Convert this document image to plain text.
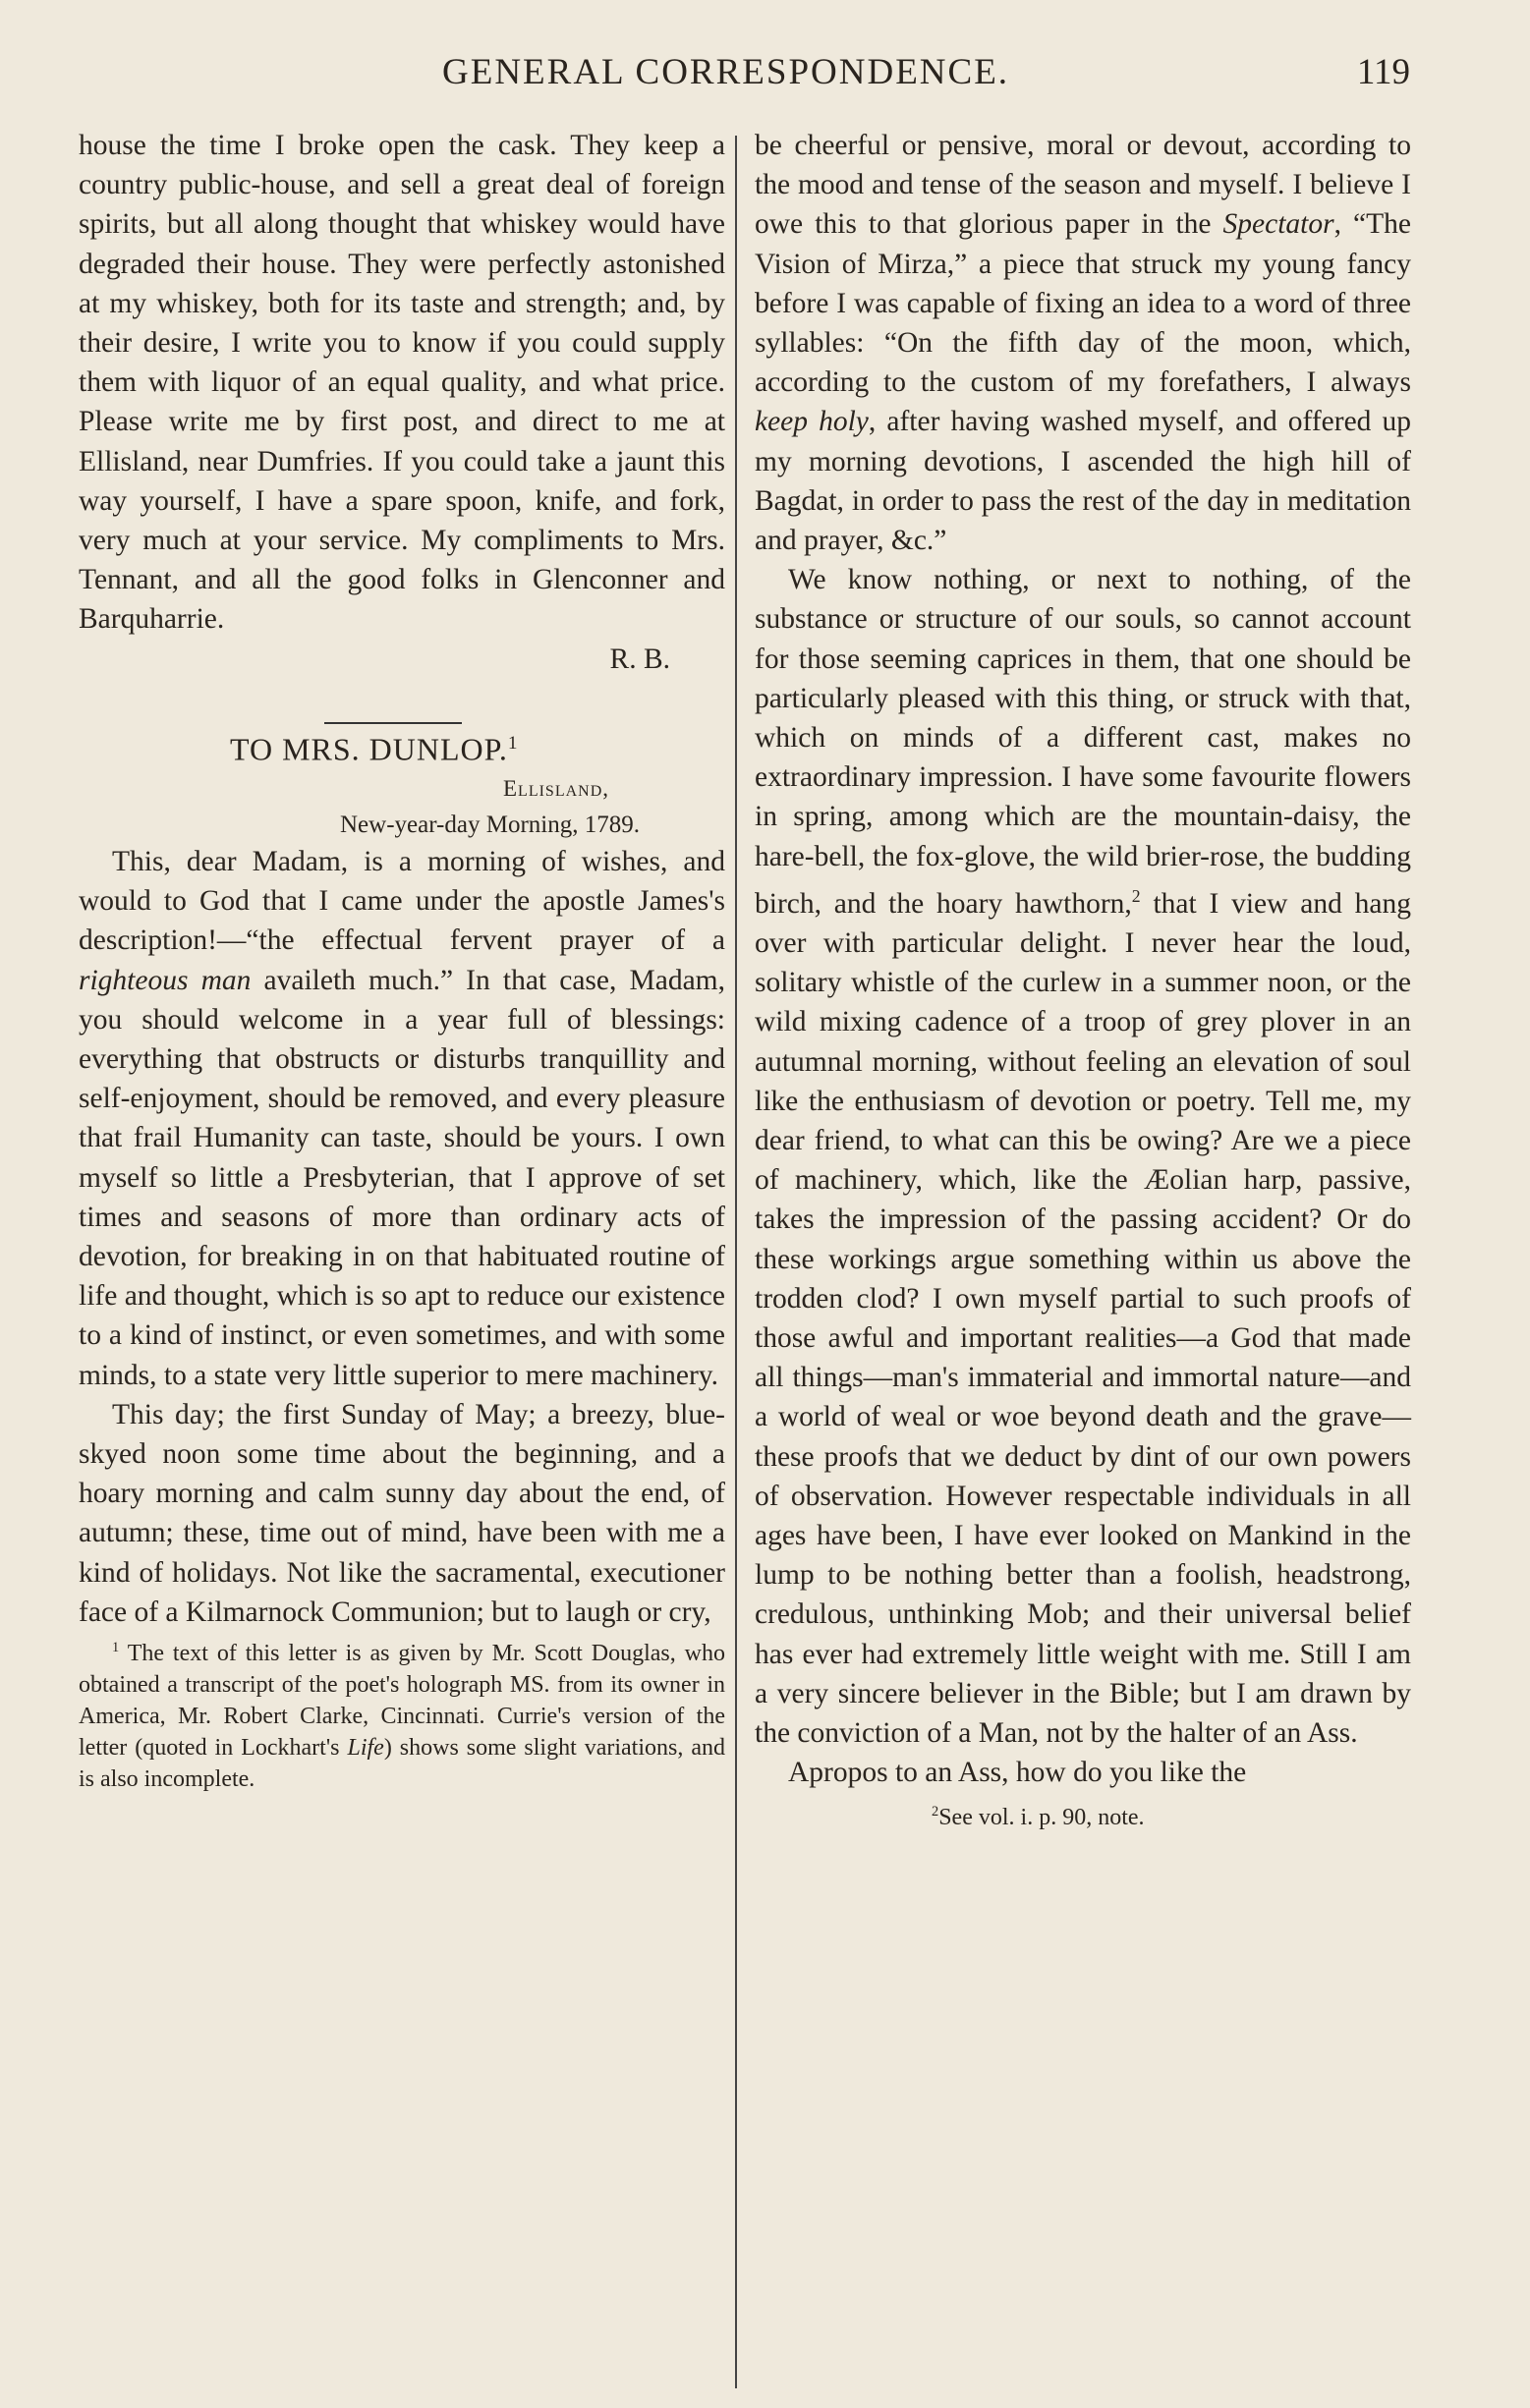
GENERAL CORRESPONDENCE.	119

house the time I broke open the cask. They keep a country public-house, and sell a great deal of foreign spirits, but all along thought that whiskey would have degraded their house. They were perfectly astonished at my whiskey, both for its taste and strength; and, by their desire, I write you to know if you could supply them with liquor of an equal quality, and what price. Please write me by first post, and direct to me at Ellisland, near Dumfries. If you could take a jaunt this way yourself, I have a spare spoon, knife, and fork, very much at your service. My compliments to Mrs. Tennant, and all the good folks in Glenconner and Barquharrie.

R. B.

TO MRS. DUNLOP.$^1$

Ellisland,

New-year-day Morning, 1789.

This, dear Madam, is a morning of wishes, and would to God that I came under the apostle James's description!—“the effectual fervent prayer of a righteous man availeth much.” In that case, Madam, you should welcome in a year full of blessings: everything that obstructs or disturbs tranquillity and self-enjoyment, should be removed, and every pleasure that frail Humanity can taste, should be yours. I own myself so little a Presbyterian, that I approve of set times and seasons of more than ordinary acts of devotion, for breaking in on that habituated routine of life and thought, which is so apt to reduce our existence to a kind of instinct, or even sometimes, and with some minds, to a state very little superior to mere machinery.

This day; the first Sunday of May; a breezy, blue-skyed noon some time about the beginning, and a hoary morning and calm sunny day about the end, of autumn; these, time out of mind, have been with me a kind of holidays. Not like the sacramental, executioner face of a Kilmarnock Communion; but to laugh or cry,

$^1$ The text of this letter is as given by Mr. Scott Douglas, who obtained a transcript of the poet's holograph MS. from its owner in America, Mr. Robert Clarke, Cincinnati. Currie's version of the letter (quoted in Lockhart's Life) shows some slight variations, and is also incomplete.

be cheerful or pensive, moral or devout, according to the mood and tense of the season and myself. I believe I owe this to that glorious paper in the Spectator, “The Vision of Mirza,” a piece that struck my young fancy before I was capable of fixing an idea to a word of three syllables: “On the fifth day of the moon, which, according to the custom of my forefathers, I always keep holy, after having washed myself, and offered up my morning devotions, I ascended the high hill of Bagdat, in order to pass the rest of the day in meditation and prayer, &c.”

We know nothing, or next to nothing, of the substance or structure of our souls, so cannot account for those seeming caprices in them, that one should be particularly pleased with this thing, or struck with that, which on minds of a different cast, makes no extraordinary impression. I have some favourite flowers in spring, among which are the mountain-daisy, the hare-bell, the fox-glove, the wild brier-rose, the budding birch, and the hoary hawthorn,$^2$ that I view and hang over with particular delight. I never hear the loud, solitary whistle of the curlew in a summer noon, or the wild mixing cadence of a troop of grey plover in an autumnal morning, without feeling an elevation of soul like the enthusiasm of devotion or poetry. Tell me, my dear friend, to what can this be owing? Are we a piece of machinery, which, like the Æolian harp, passive, takes the impression of the passing accident? Or do these workings argue something within us above the trodden clod? I own myself partial to such proofs of those awful and important realities—a God that made all things—man's immaterial and immortal nature—and a world of weal or woe beyond death and the grave—these proofs that we deduct by dint of our own powers of observation. However respectable individuals in all ages have been, I have ever looked on Mankind in the lump to be nothing better than a foolish, headstrong, credulous, unthinking Mob; and their universal belief has ever had extremely little weight with me. Still I am a very sincere believer in the Bible; but I am drawn by the conviction of a Man, not by the halter of an Ass.

Apropos to an Ass, how do you like the

$^2$See vol. i. p. 90, note.
